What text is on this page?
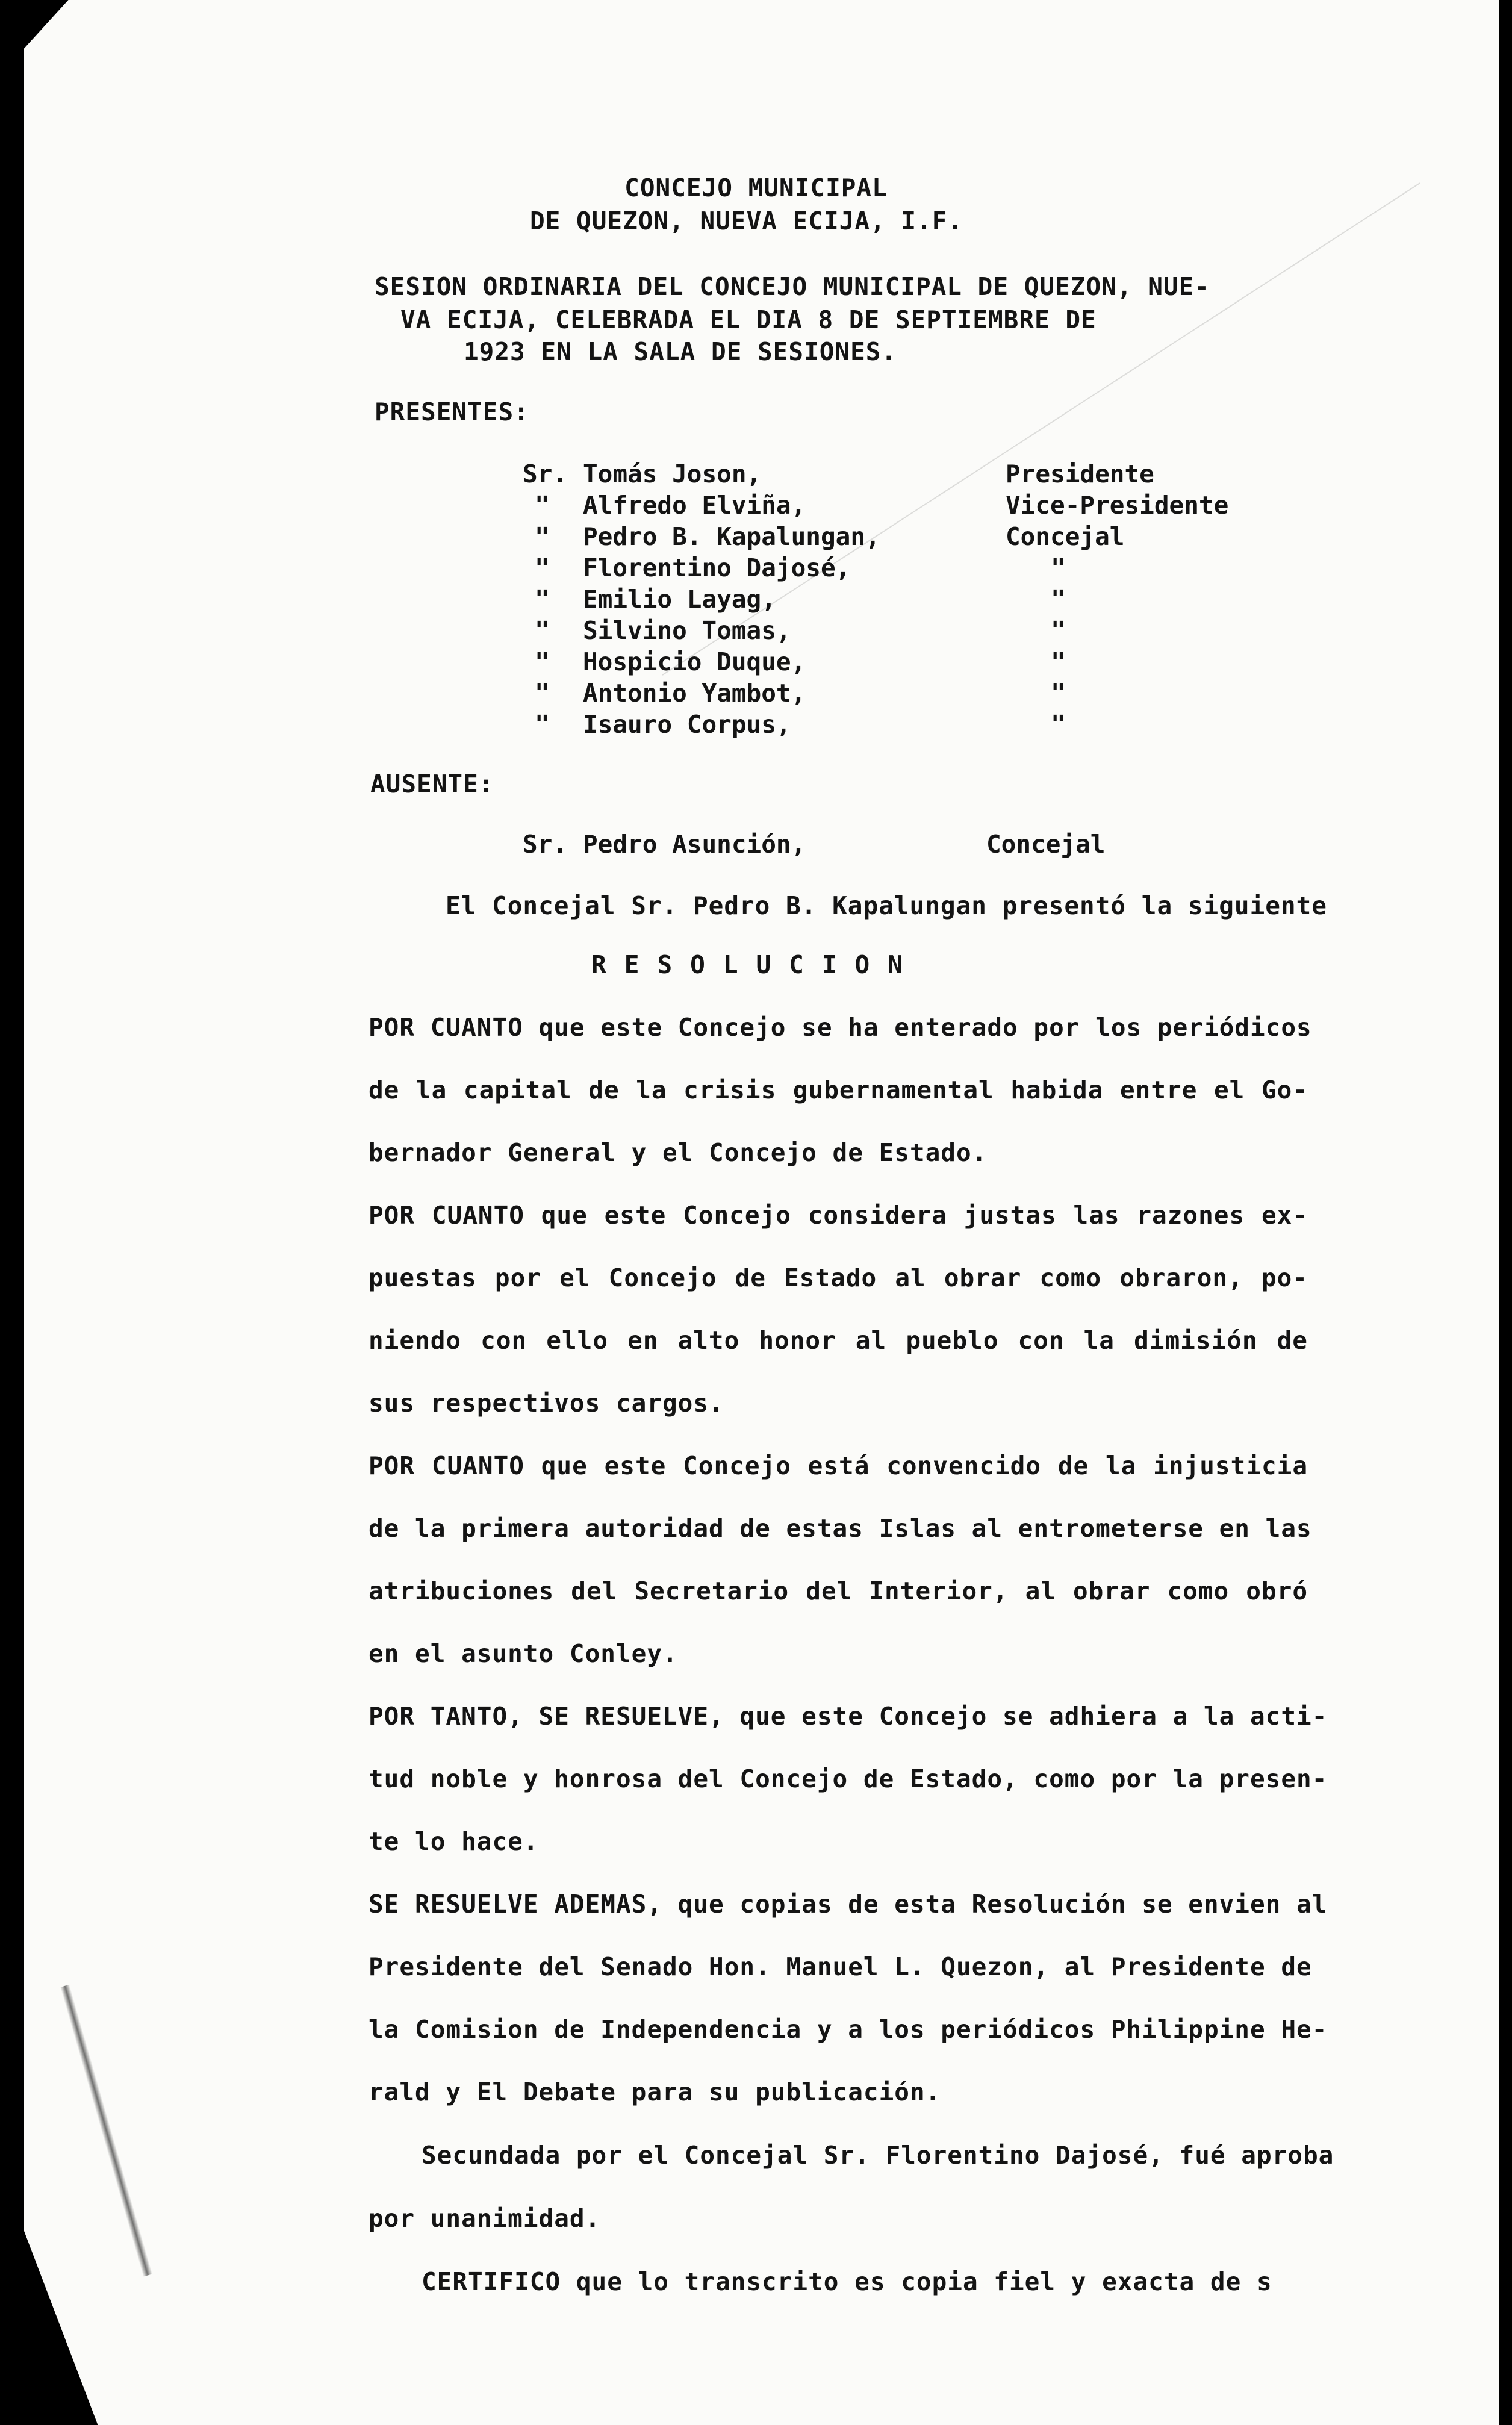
CONCEJO MUNICIPAL
DE QUEZON, NUEVA ECIJA, I.F.
SESION ORDINARIA DEL CONCEJO MUNICIPAL DE QUEZON, NUE-
VA ECIJA, CELEBRADA EL DIA 8 DE SEPTIEMBRE DE
1923 EN LA SALA DE SESIONES.
PRESENTES:
Sr. Tomás Joson,	Presidente
" Alfredo Elviña,	Vice-Presidente
" Pedro B. Kapalungan,	Concejal
" Florentino Dajosé,	"
" Emilio Layag,	"
" Silvino Tomas,	"
" Hospicio Duque,	"
" Antonio Yambot,	"
" Isauro Corpus,	"
AUSENTE:
Sr. Pedro Asunción,	Concejal
El Concejal Sr. Pedro B. Kapalungan presentó la siguiente
RESOLUCION
POR CUANTO que este Concejo se ha enterado por los periódicos
de la capital de la crisis gubernamental habida entre el Go-
bernador General y el Concejo de Estado.
POR CUANTO que este Concejo considera justas las razones ex-
puestas por el Concejo de Estado al obrar como obraron, po-
niendo con ello en alto honor al pueblo con la dimisión de
sus respectivos cargos.
POR CUANTO que este Concejo está convencido de la injusticia
de la primera autoridad de estas Islas al entrometerse en las
atribuciones del Secretario del Interior, al obrar como obró
en el asunto Conley.
POR TANTO, SE RESUELVE, que este Concejo se adhiera a la acti-
tud noble y honrosa del Concejo de Estado, como por la presen-
te lo hace.
SE RESUELVE ADEMAS, que copias de esta Resolución se envien al
Presidente del Senado Hon. Manuel L. Quezon, al Presidente de
la Comision de Independencia y a los periódicos Philippine He-
rald y El Debate para su publicación.
Secundada por el Concejal Sr. Florentino Dajosé, fué aproba
por unanimidad.
CERTIFICO que lo transcrito es copia fiel y exacta de s
